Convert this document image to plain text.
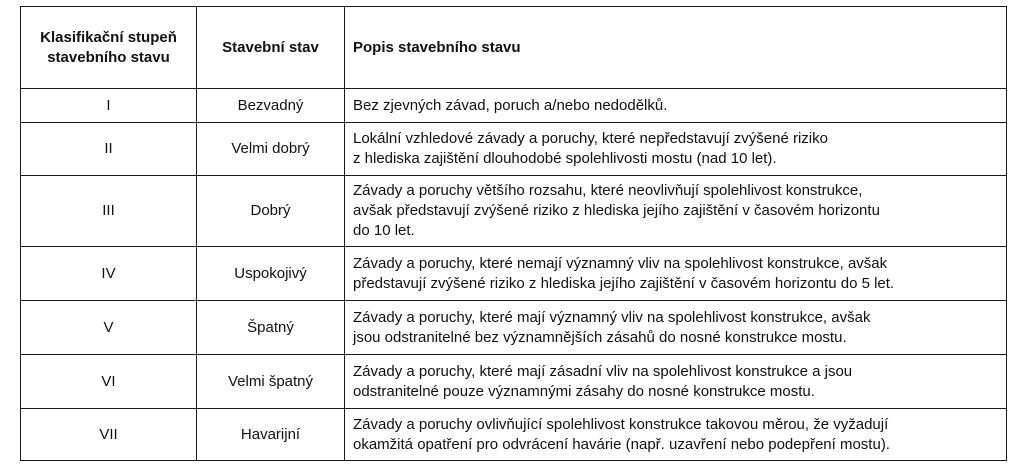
Klasifikační stupeň stavebního stavu	Stavební stav	Popis stavebního stavu
I	Bezvadný	Bez zjevných závad, poruch a/nebo nedodělků.

II	Velmi dobrý	Lokální vzhledové závady a poruchy, které nepředstavují zvýšené riziko
z hlediska zajištění dlouhodobé spolehlivosti mostu (nad 10 let).

III	Dobrý	Závady a poruchy většího rozsahu, které neovlivňují spolehlivost konstrukce,
avšak představují zvýšené riziko z hlediska jejího zajištění v časovém horizontu
do 10 let.

IV	Uspokojivý	Závady a poruchy, které nemají významný vliv na spolehlivost konstrukce, avšak
představují zvýšené riziko z hlediska jejího zajištění v časovém horizontu do 5 let.

V	Špatný	Závady a poruchy, které mají významný vliv na spolehlivost konstrukce, avšak
jsou odstranitelné bez významnějších zásahů do nosné konstrukce mostu.

VI	Velmi špatný	Závady a poruchy, které mají zásadní vliv na spolehlivost konstrukce a jsou
odstranitelné pouze významnými zásahy do nosné konstrukce mostu.

VII	Havarijní	Závady a poruchy ovlivňující spolehlivost konstrukce takovou měrou, že vyžadují
okamžitá opatření pro odvrácení havárie (např. uzavření nebo podepření mostu).
